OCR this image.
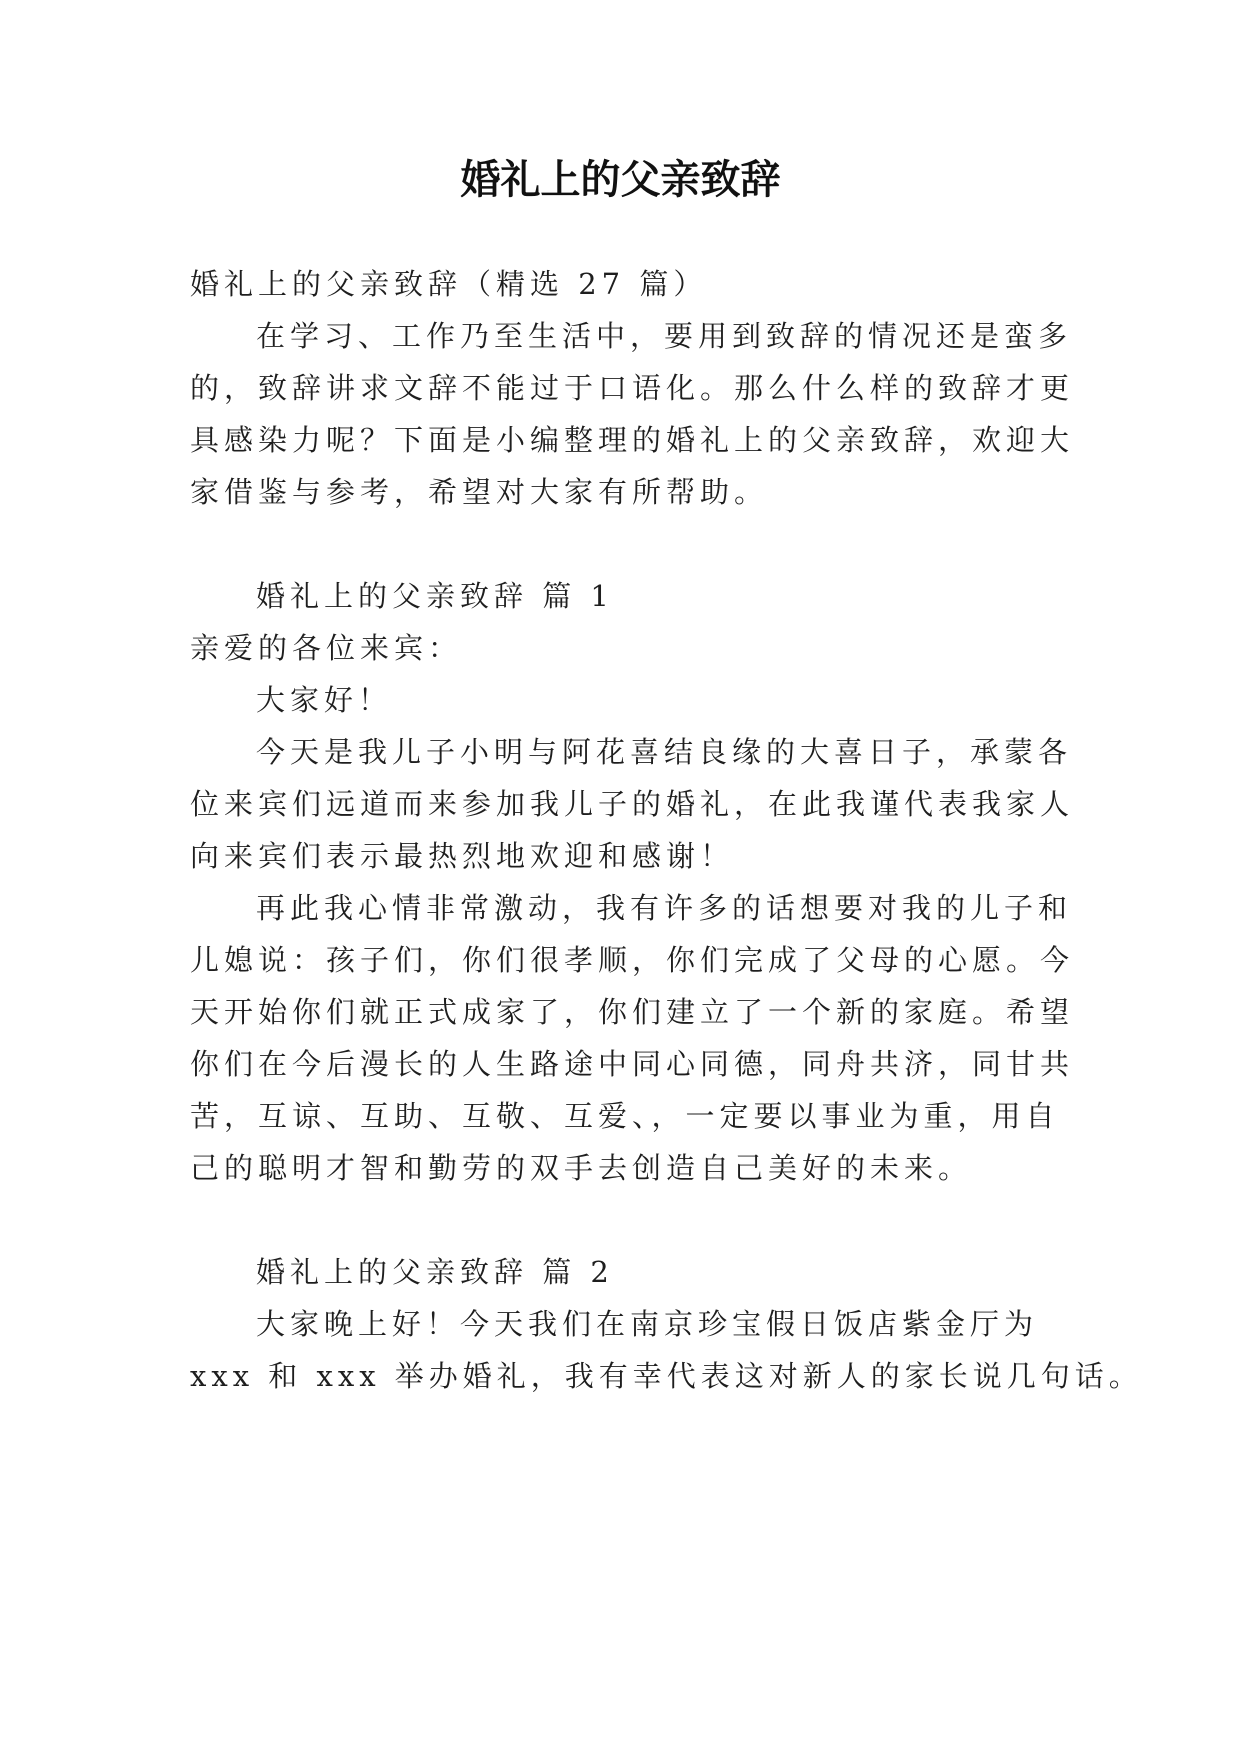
婚礼上的父亲致辞
婚礼上的父亲致辞（精选 27 篇）
在学习、工作乃至生活中，要用到致辞的情况还是蛮多
的，致辞讲求文辞不能过于口语化。那么什么样的致辞才更
具感染力呢？下面是小编整理的婚礼上的父亲致辞，欢迎大
家借鉴与参考，希望对大家有所帮助。
婚礼上的父亲致辞 篇 1
亲爱的各位来宾：
大家好！
今天是我儿子小明与阿花喜结良缘的大喜日子，承蒙各
位来宾们远道而来参加我儿子的婚礼，在此我谨代表我家人
向来宾们表示最热烈地欢迎和感谢！
再此我心情非常激动，我有许多的话想要对我的儿子和
儿媳说：孩子们，你们很孝顺，你们完成了父母的心愿。今
天开始你们就正式成家了，你们建立了一个新的家庭。希望
你们在今后漫长的人生路途中同心同德，同舟共济，同甘共
苦，互谅、互助、互敬、互爱、，一定要以事业为重，用自
己的聪明才智和勤劳的双手去创造自己美好的未来。
婚礼上的父亲致辞 篇 2
大家晚上好！今天我们在南京珍宝假日饭店紫金厅为
xxx 和 xxx 举办婚礼，我有幸代表这对新人的家长说几句话。
